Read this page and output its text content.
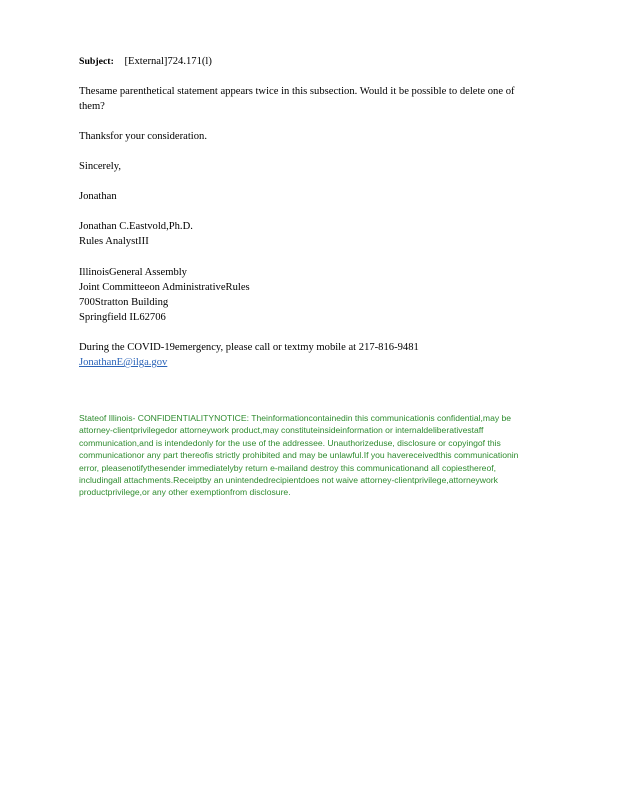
Subject: [External]724.171(l)
Thesame parenthetical statement appears twice in this subsection. Would it be possible to delete one of them?
Thanksfor your consideration.
Sincerely,
Jonathan
Jonathan C.Eastvold,Ph.D.
Rules AnalystIII
IllinoisGeneral Assembly
Joint Committeeon AdministrativeRules
700Stratton Building
Springfield IL62706
During the COVID-19emergency, please call or textmy mobile at 217-816-9481
JonathanE@ilga.gov
Stateof Illinois- CONFIDENTIALITYNOTICE: Theinformationcontainedin this communicationis confidential,may be attorney-clientprivilegedor attorneywork product,may constituteinsideinformation or internaldeliberativestaff communication,and is intendedonly for the use of the addressee. Unauthorizeduse, disclosure or copyingof this communicationor any part thereofis strictly prohibited and may be unlawful.If you havereceivedthis communicationin error, pleasenotifythesender immediatelyby return e-mailand destroy this communicationand all copiesthereof, includingall attachments.Receiptby an unintendedrecipientdoes not waive attorney-clientprivilege,attorneywork productprivilege,or any other exemptionfrom disclosure.
